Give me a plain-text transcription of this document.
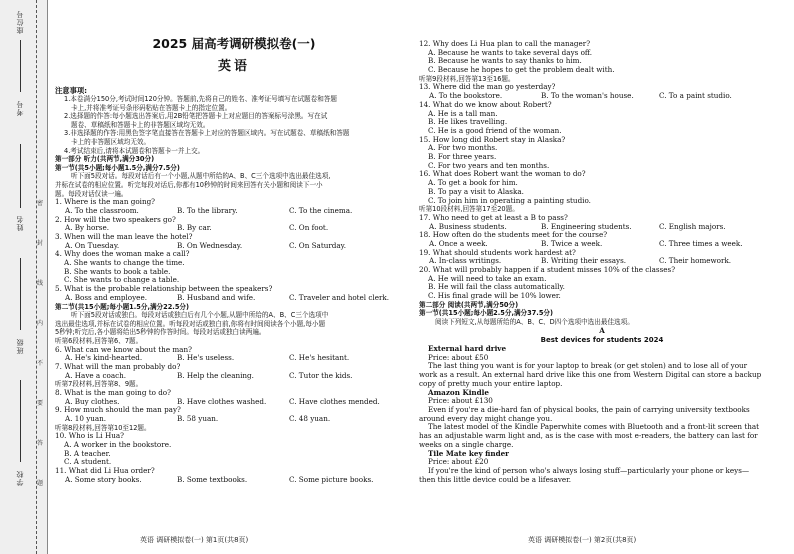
学校
班级
姓名
考号
座位号
密
封
线
内
不
要
答
题
2025 届高考调研模拟卷(一)
英语
注意事项:
1.本卷满分150分,考试时间120分钟。答题前,先将自己的姓名、准考证号填写在试题卷和答题
卡上,并将准考证号条形码粘贴在答题卡上的指定位置。
2.选择题的作答:每小题选出答案后,用2B铅笔把答题卡上对应题目的答案标号涂黑。写在试
题卷、草稿纸和答题卡上的非答题区域均无效。
3.非选择题的作答:用黑色签字笔直接答在答题卡上对应的答题区域内。写在试题卷、草稿纸和答题
卡上的非答题区域均无效。
4.考试结束后,请将本试题卷和答题卡一并上交。
第一部分 听力(共两节,满分30分)
第一节(共5小题;每小题1.5分,满分7.5分)
听下面5段对话。每段对话后有一个小题,从题中所给的A、B、C三个选项中选出最佳选项,
并标在试卷的相应位置。听完每段对话后,你都有10秒钟的时间来回答有关小题和阅读下一小
题。每段对话仅读一遍。
1. Where is the man going?
A. To the classroom.	B. To the library.	C. To the cinema.
2. How will the two speakers go?
A. By horse.	B. By car.	C. On foot.
3. When will the man leave the hotel?
A. On Tuesday.	B. On Wednesday.	C. On Saturday.
4. Why does the woman make a call?
A. She wants to change the time.
B. She wants to book a table.
C. She wants to change a table.
5. What is the probable relationship between the speakers?
A. Boss and employee.	B. Husband and wife.	C. Traveler and hotel clerk.
第二节(共15小题;每小题1.5分,满分22.5分)
听下面5段对话或独白。每段对话或独白后有几个小题,从题中所给的A、B、C三个选项中
选出最佳选项,并标在试卷的相应位置。听每段对话或独白前,你将有时间阅读各个小题,每小题
5秒钟;听完后,各小题将给出5秒钟的作答时间。每段对话或独白读两遍。
听第6段材料,回答第6、7题。
6. What can we know about the man?
A. He's kind-hearted.	B. He's useless.	C. He's hesitant.
7. What will the man probably do?
A. Have a coach.	B. Help the cleaning.	C. Tutor the kids.
听第7段材料,回答第8、9题。
8. What is the man going to do?
A. Buy clothes.	B. Have clothes washed.	C. Have clothes mended.
9. How much should the man pay?
A. 10 yuan.	B. 58 yuan.	C. 48 yuan.
听第8段材料,回答第10至12题。
10. Who is Li Hua?
A. A worker in the bookstore.
B. A teacher.
C. A student.
11. What did Li Hua order?
A. Some story books.	B. Some textbooks.	C. Some picture books.
英语 调研模拟卷(一) 第1页(共8页)
12. Why does Li Hua plan to call the manager?
A. Because he wants to take several days off.
B. Because he wants to say thanks to him.
C. Because he hopes to get the problem dealt with.
听第9段材料,回答第13至16题。
13. Where did the man go yesterday?
A. To the bookstore.	B. To the woman's house.	C. To a paint studio.
14. What do we know about Robert?
A. He is a tall man.
B. He likes travelling.
C. He is a good friend of the woman.
15. How long did Robert stay in Alaska?
A. For two months.
B. For three years.
C. For two years and ten months.
16. What does Robert want the woman to do?
A. To get a book for him.
B. To pay a visit to Alaska.
C. To join him in operating a painting studio.
听第10段材料,回答第17至20题。
17. Who need to get at least a B to pass?
A. Business students.	B. Engineering students.	C. English majors.
18. How often do the students meet for the course?
A. Once a week.	B. Twice a week.	C. Three times a week.
19. What should students work hardest at?
A. In-class writings.	B. Writing their essays.	C. Their homework.
20. What will probably happen if a student misses 10% of the classes?
A. He will need to take an exam.
B. He will fail the class automatically.
C. His final grade will be 10% lower.
第二部分 阅读(共两节,满分50分)
第一节(共15小题;每小题2.5分,满分37.5分)
阅读下列短文,从每题所给的A、B、C、D四个选项中选出最佳选项。
A
Best devices for students 2024
External hard drive
Price: about £50
The last thing you want is for your laptop to break (or get stolen) and to lose all of your
work as a result. An external hard drive like this one from Western Digital can store a backup
copy of pretty much your entire laptop.
Amazon Kindle
Price: about £130
Even if you're a die-hard fan of physical books, the pain of carrying university textbooks
around every day might change you.
The latest model of the Kindle Paperwhite comes with Bluetooth and a front-lit screen that
has an adjustable warm light and, as is the case with most e-readers, the battery can last for
weeks on a single charge.
Tile Mate key finder
Price: about £20
If you're the kind of person who's always losing stuff—particularly your phone or keys—
then this little device could be a lifesaver.
英语 调研模拟卷(一) 第2页(共8页)
